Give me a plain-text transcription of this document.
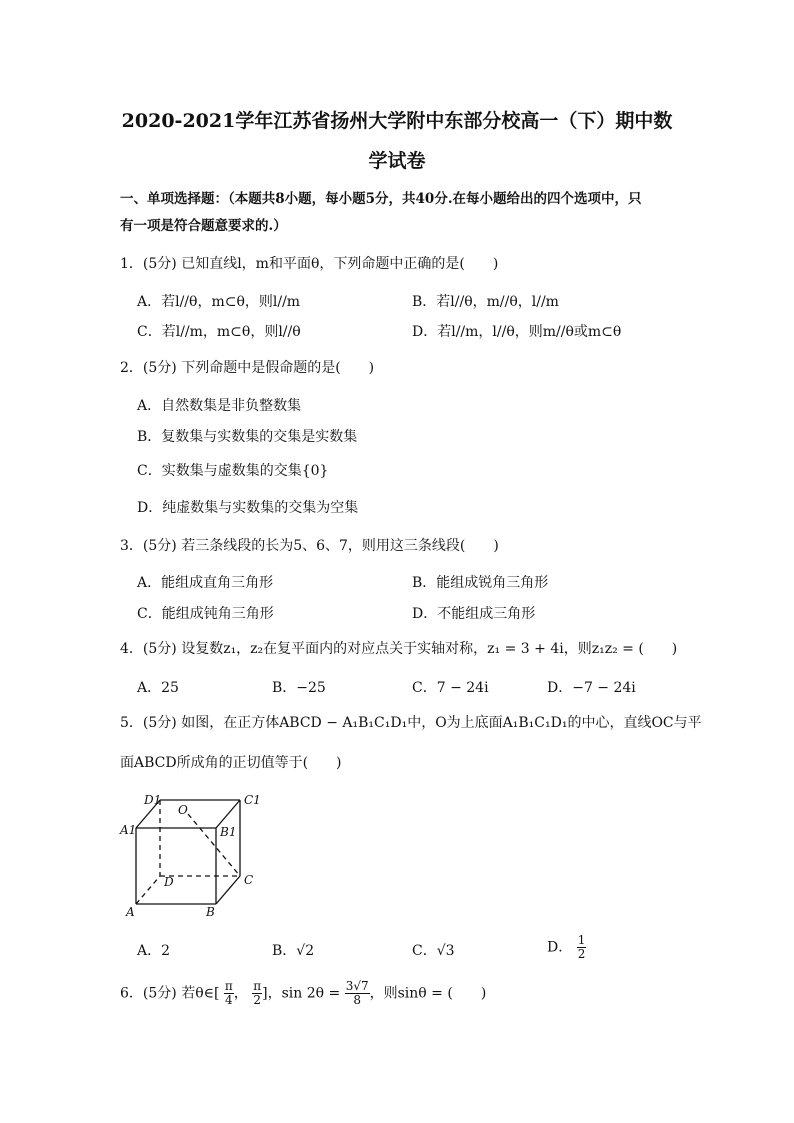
2020-2021学年江苏省扬州大学附中东部分校高一（下）期中数
学试卷
一、单项选择题：（本题共8小题，每小题5分，共40分.在每小题给出的四个选项中，只
有一项是符合题意要求的.）
1．(5分) 已知直线l，m和平面θ，下列命题中正确的是(　　)
A．若l//θ，m⊂θ，则l//m	B．若l//θ，m//θ，l//m
C．若l//m，m⊂θ，则l//θ	D．若l//m，l//θ，则m//θ或m⊂θ
2．(5分) 下列命题中是假命题的是(　　)
A．自然数集是非负整数集
B．复数集与实数集的交集是实数集
C．实数集与虚数集的交集{0}
D．纯虚数集与实数集的交集为空集
3．(5分) 若三条线段的长为5、6、7，则用这三条线段(　　)
A．能组成直角三角形	B．能组成锐角三角形
C．能组成钝角三角形	D．不能组成三角形
4．(5分) 设复数z₁，z₂在复平面内的对应点关于实轴对称，z₁ = 3 + 4i，则z₁z₂ = (　　)
A．25	B．−25	C．7 − 24i	D．−7 − 24i
5．(5分) 如图，在正方体ABCD − A₁B₁C₁D₁中，O为上底面A₁B₁C₁D₁的中心，直线OC与平
面ABCD所成角的正切值等于(　　)
D1	C1
O
A1	B1
D	C
A	B
A．2	B．√2	C．√3	D． $\frac{1}{2}$
6．(5分) 若θ∈[ $\frac{\pi}{4}$ ， $\frac{\pi}{2}$ ]，$\sin 2\theta = \frac{3√7}{8}$ ，则sinθ = (　　)
